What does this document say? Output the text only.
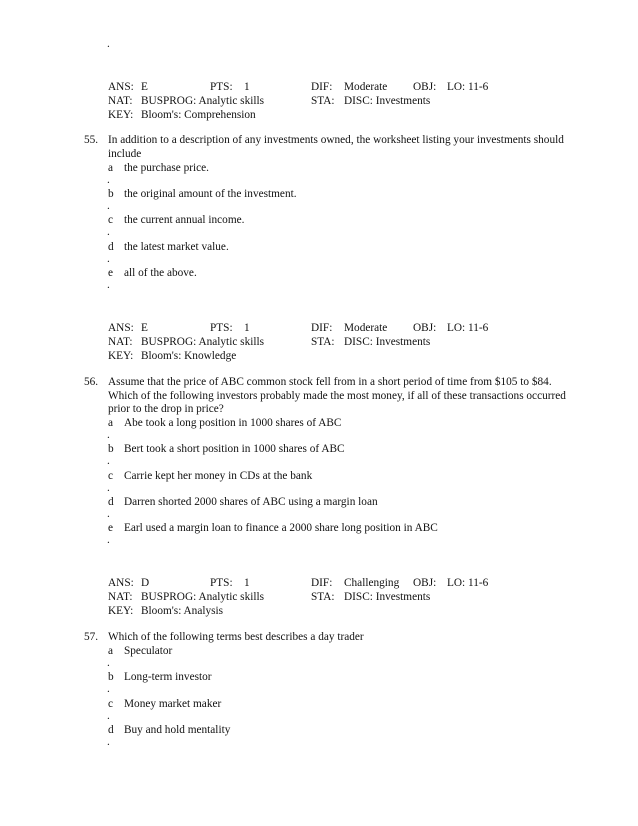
.
ANS: E	PTS: 1	DIF: Moderate OBJ: LO: 11-6
NAT: BUSPROG: Analytic skills	STA: DISC: Investments
KEY: Bloom's: Comprehension
55. In addition to a description of any investments owned, the worksheet listing your investments should
include
a the purchase price.
.
b the original amount of the investment.
.
c the current annual income.
.
d the latest market value.
.
e all of the above.
.
ANS: E	PTS: 1	DIF: Moderate OBJ: LO: 11-6
NAT: BUSPROG: Analytic skills	STA: DISC: Investments
KEY: Bloom's: Knowledge
56. Assume that the price of ABC common stock fell from in a short period of time from $105 to $84.
Which of the following investors probably made the most money, if all of these transactions occurred
prior to the drop in price?
a Abe took a long position in 1000 shares of ABC
.
b Bert took a short position in 1000 shares of ABC
.
c Carrie kept her money in CDs at the bank
.
d Darren shorted 2000 shares of ABC using a margin loan
.
e Earl used a margin loan to finance a 2000 share long position in ABC
.
ANS: D	PTS: 1	DIF: Challenging OBJ: LO: 11-6
NAT: BUSPROG: Analytic skills	STA: DISC: Investments
KEY: Bloom's: Analysis
57. Which of the following terms best describes a day trader
a Speculator
.
b Long-term investor
.
c Money market maker
.
d Buy and hold mentality
.
